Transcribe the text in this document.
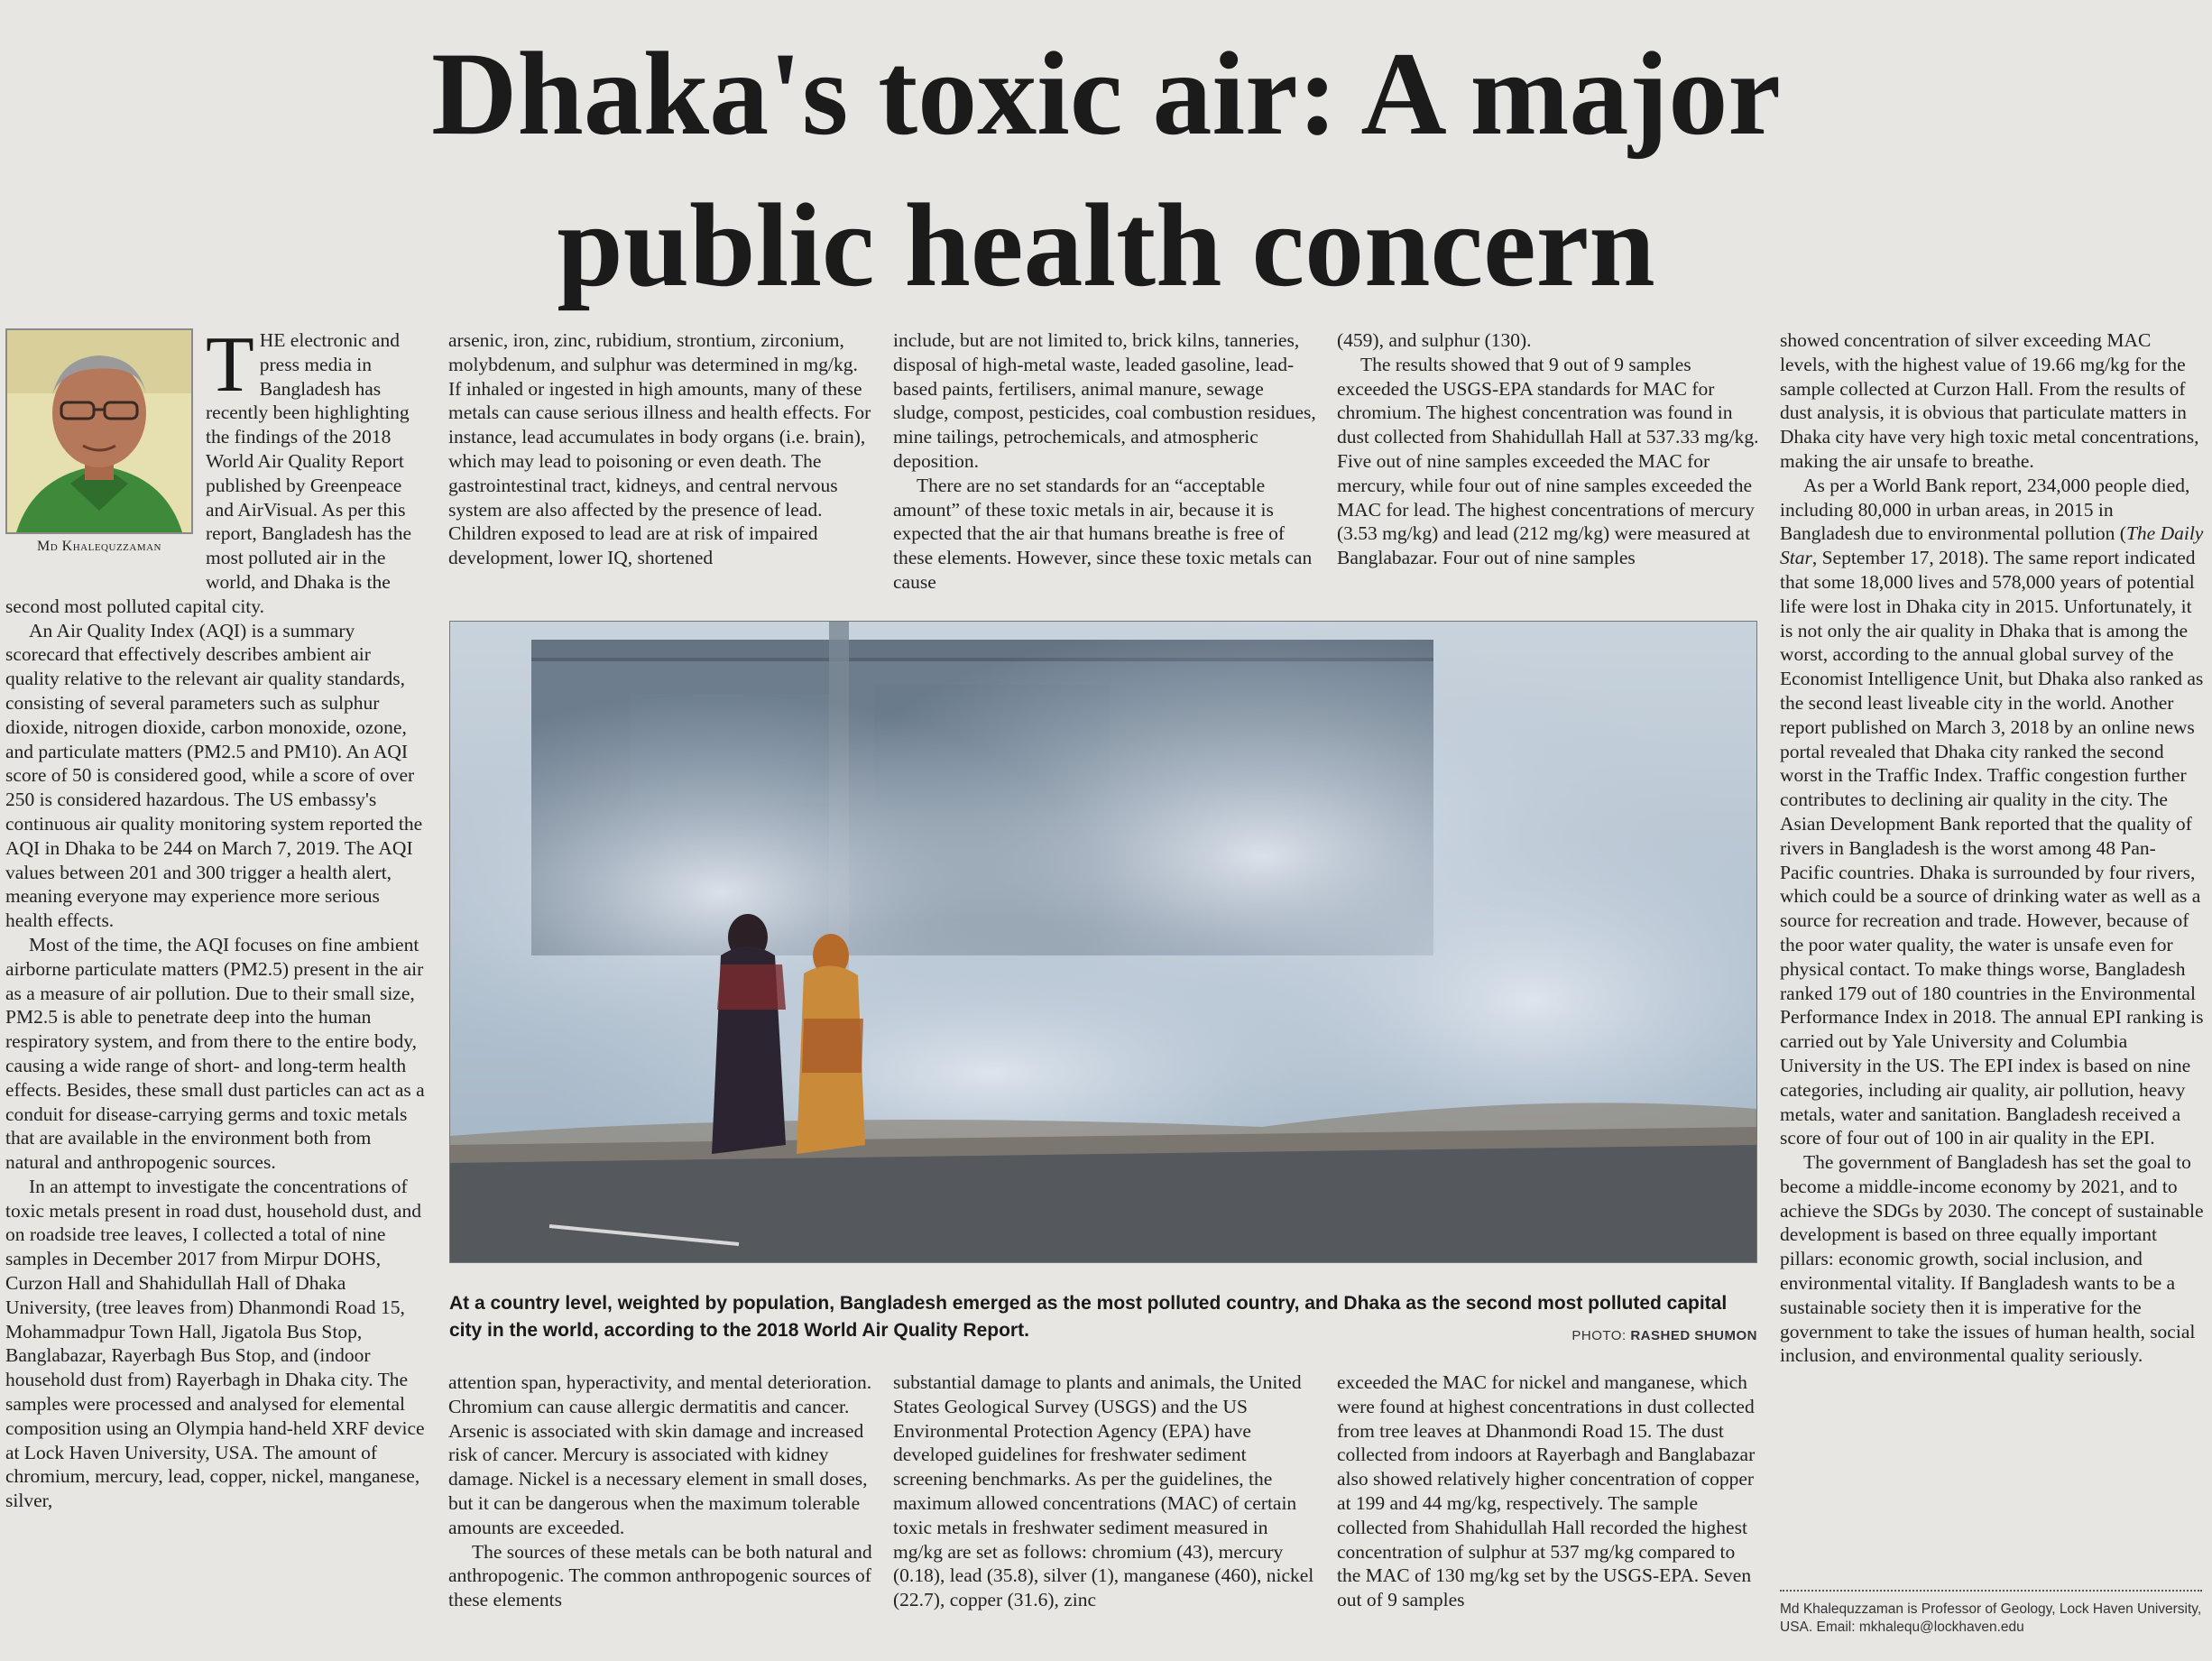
Dhaka's toxic air: A major
public health concern
Md Khalequzzaman

THE electronic and press media in Bangladesh has recently been highlighting the findings of the 2018 World Air Quality Report published by Greenpeace and AirVisual. As per this report, Bangladesh has the most polluted air in the world, and Dhaka is the second most polluted capital city.

An Air Quality Index (AQI) is a summary scorecard that effectively describes ambient air quality relative to the relevant air quality standards, consisting of several parameters such as sulphur dioxide, nitrogen dioxide, carbon monoxide, ozone, and particulate matters (PM2.5 and PM10). An AQI score of 50 is considered good, while a score of over 250 is considered hazardous. The US embassy's continuous air quality monitoring system reported the AQI in Dhaka to be 244 on March 7, 2019. The AQI values between 201 and 300 trigger a health alert, meaning everyone may experience more serious health effects.

Most of the time, the AQI focuses on fine ambient airborne particulate matters (PM2.5) present in the air as a measure of air pollution. Due to their small size, PM2.5 is able to penetrate deep into the human respiratory system, and from there to the entire body, causing a wide range of short- and long-term health effects. Besides, these small dust particles can act as a conduit for disease-carrying germs and toxic metals that are available in the environment both from natural and anthropogenic sources.

In an attempt to investigate the concentrations of toxic metals present in road dust, household dust, and on roadside tree leaves, I collected a total of nine samples in December 2017 from Mirpur DOHS, Curzon Hall and Shahidullah Hall of Dhaka University, (tree leaves from) Dhanmondi Road 15, Mohammadpur Town Hall, Jigatola Bus Stop, Banglabazar, Rayerbagh Bus Stop, and (indoor household dust from) Rayerbagh in Dhaka city. The samples were processed and analysed for elemental composition using an Olympia hand-held XRF device at Lock Haven University, USA. The amount of chromium, mercury, lead, copper, nickel, manganese, silver,

arsenic, iron, zinc, rubidium, strontium, zirconium, molybdenum, and sulphur was determined in mg/kg. If inhaled or ingested in high amounts, many of these metals can cause serious illness and health effects. For instance, lead accumulates in body organs (i.e. brain), which may lead to poisoning or even death. The gastrointestinal tract, kidneys, and central nervous system are also affected by the presence of lead. Children exposed to lead are at risk of impaired development, lower IQ, shortened

include, but are not limited to, brick kilns, tanneries, disposal of high-metal waste, leaded gasoline, lead-based paints, fertilisers, animal manure, sewage sludge, compost, pesticides, coal combustion residues, mine tailings, petrochemicals, and atmospheric deposition.

There are no set standards for an “acceptable amount” of these toxic metals in air, because it is expected that the air that humans breathe is free of these elements. However, since these toxic metals can cause

(459), and sulphur (130).

The results showed that 9 out of 9 samples exceeded the USGS-EPA standards for MAC for chromium. The highest concentration was found in dust collected from Shahidullah Hall at 537.33 mg/kg. Five out of nine samples exceeded the MAC for mercury, while four out of nine samples exceeded the MAC for lead. The highest concentrations of mercury (3.53 mg/kg) and lead (212 mg/kg) were measured at Banglabazar. Four out of nine samples

At a country level, weighted by population, Bangladesh emerged as the most polluted country, and Dhaka as the second most polluted capital city in the world, according to the 2018 World Air Quality Report.	PHOTO: RASHED SHUMON

attention span, hyperactivity, and mental deterioration. Chromium can cause allergic dermatitis and cancer. Arsenic is associated with skin damage and increased risk of cancer. Mercury is associated with kidney damage. Nickel is a necessary element in small doses, but it can be dangerous when the maximum tolerable amounts are exceeded.

The sources of these metals can be both natural and anthropogenic. The common anthropogenic sources of these elements

substantial damage to plants and animals, the United States Geological Survey (USGS) and the US Environmental Protection Agency (EPA) have developed guidelines for freshwater sediment screening benchmarks. As per the guidelines, the maximum allowed concentrations (MAC) of certain toxic metals in freshwater sediment measured in mg/kg are set as follows: chromium (43), mercury (0.18), lead (35.8), silver (1), manganese (460), nickel (22.7), copper (31.6), zinc

exceeded the MAC for nickel and manganese, which were found at highest concentrations in dust collected from tree leaves at Dhanmondi Road 15. The dust collected from indoors at Rayerbagh and Banglabazar also showed relatively higher concentration of copper at 199 and 44 mg/kg, respectively. The sample collected from Shahidullah Hall recorded the highest concentration of sulphur at 537 mg/kg compared to the MAC of 130 mg/kg set by the USGS-EPA. Seven out of 9 samples

showed concentration of silver exceeding MAC levels, with the highest value of 19.66 mg/kg for the sample collected at Curzon Hall. From the results of dust analysis, it is obvious that particulate matters in Dhaka city have very high toxic metal concentrations, making the air unsafe to breathe.

As per a World Bank report, 234,000 people died, including 80,000 in urban areas, in 2015 in Bangladesh due to environmental pollution (The Daily Star, September 17, 2018). The same report indicated that some 18,000 lives and 578,000 years of potential life were lost in Dhaka city in 2015. Unfortunately, it is not only the air quality in Dhaka that is among the worst, according to the annual global survey of the Economist Intelligence Unit, but Dhaka also ranked as the second least liveable city in the world. Another report published on March 3, 2018 by an online news portal revealed that Dhaka city ranked the second worst in the Traffic Index. Traffic congestion further contributes to declining air quality in the city. The Asian Development Bank reported that the quality of rivers in Bangladesh is the worst among 48 Pan-Pacific countries. Dhaka is surrounded by four rivers, which could be a source of drinking water as well as a source for recreation and trade. However, because of the poor water quality, the water is unsafe even for physical contact. To make things worse, Bangladesh ranked 179 out of 180 countries in the Environmental Performance Index in 2018. The annual EPI ranking is carried out by Yale University and Columbia University in the US. The EPI index is based on nine categories, including air quality, air pollution, heavy metals, water and sanitation. Bangladesh received a score of four out of 100 in air quality in the EPI.

The government of Bangladesh has set the goal to become a middle-income economy by 2021, and to achieve the SDGs by 2030. The concept of sustainable development is based on three equally important pillars: economic growth, social inclusion, and environmental vitality. If Bangladesh wants to be a sustainable society then it is imperative for the government to take the issues of human health, social inclusion, and environmental quality seriously.

Md Khalequzzaman is Professor of Geology, Lock Haven University, USA. Email: mkhalequ@lockhaven.edu
